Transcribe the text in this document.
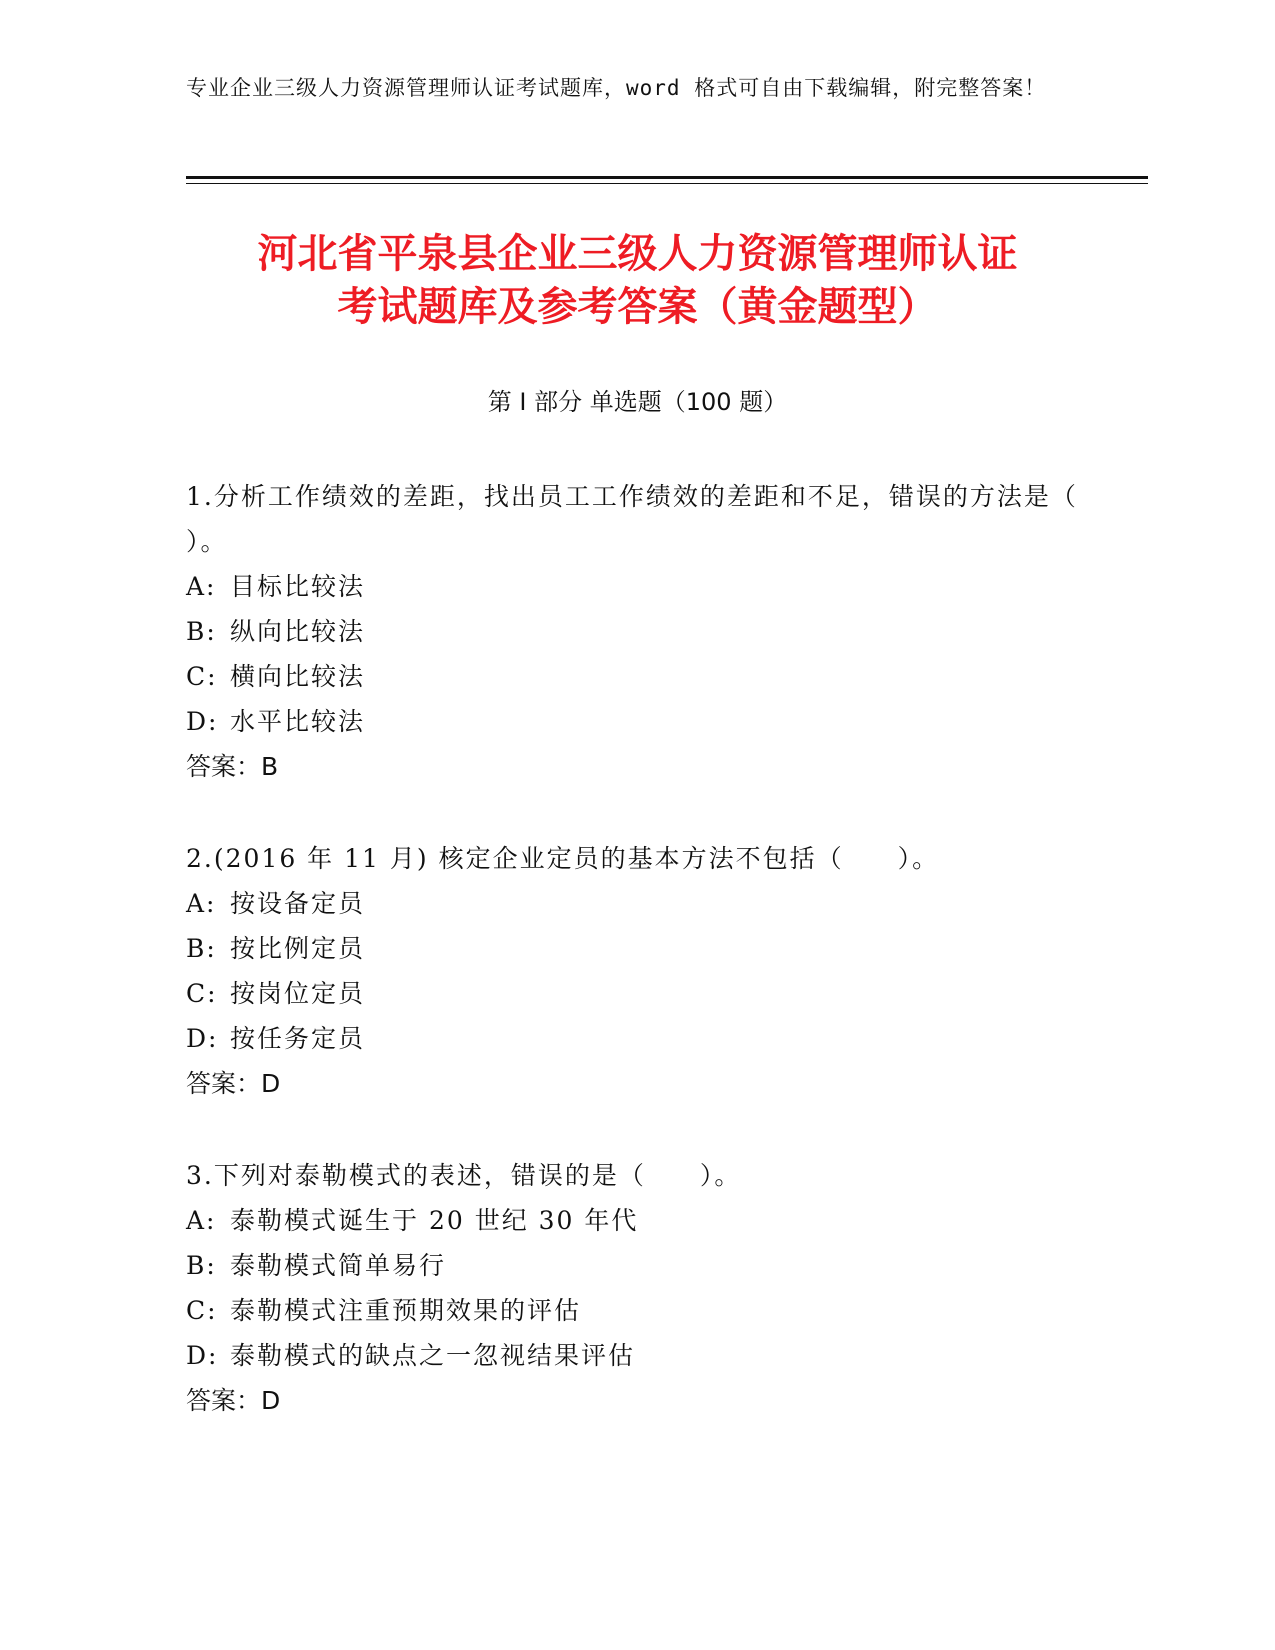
专业企业三级人力资源管理师认证考试题库，word 格式可自由下载编辑，附完整答案！
河北省平泉县企业三级人力资源管理师认证
考试题库及参考答案（黄金题型）
第 I 部分 单选题（100 题）
1.分析工作绩效的差距，找出员工工作绩效的差距和不足，错误的方法是（ ）。
A: 目标比较法
B: 纵向比较法
C: 横向比较法
D: 水平比较法
答案：B
2.(2016 年 11 月) 核定企业定员的基本方法不包括（　　）。
A: 按设备定员
B: 按比例定员
C: 按岗位定员
D: 按任务定员
答案：D
3.下列对泰勒模式的表述，错误的是（　　）。
A: 泰勒模式诞生于 20 世纪 30 年代
B: 泰勒模式简单易行
C: 泰勒模式注重预期效果的评估
D: 泰勒模式的缺点之一忽视结果评估
答案：D
